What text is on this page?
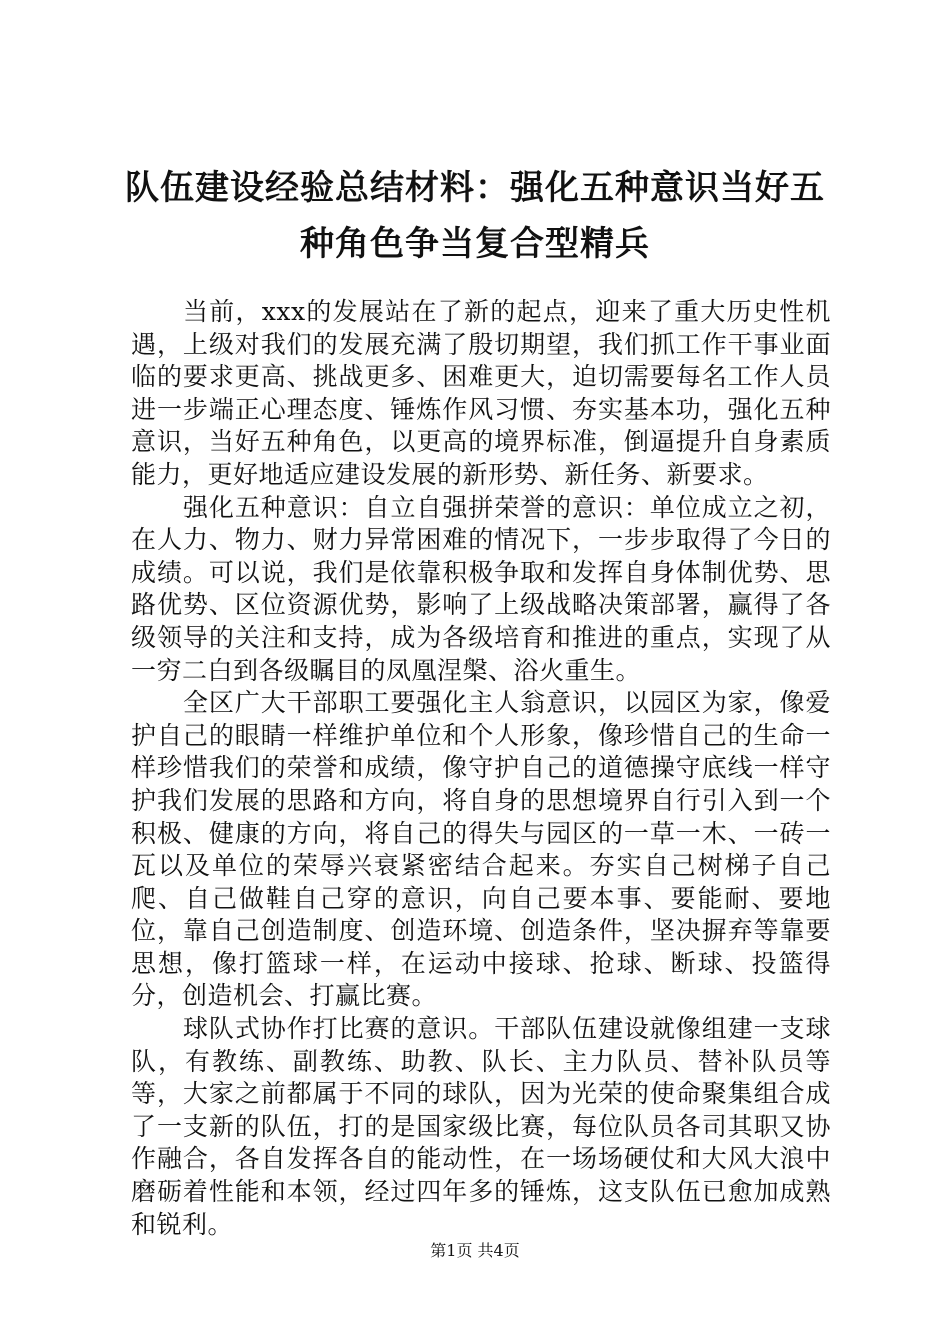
队伍建设经验总结材料：强化五种意识当好五种角色争当复合型精兵

当前，xxx的发展站在了新的起点，迎来了重大历史性机遇，上级对我们的发展充满了殷切期望，我们抓工作干事业面临的要求更高、挑战更多、困难更大，迫切需要每名工作人员进一步端正心理态度、锤炼作风习惯、夯实基本功，强化五种意识，当好五种角色，以更高的境界标准，倒逼提升自身素质能力，更好地适应建设发展的新形势、新任务、新要求。

强化五种意识：自立自强拼荣誉的意识：单位成立之初，在人力、物力、财力异常困难的情况下，一步步取得了今日的成绩。可以说，我们是依靠积极争取和发挥自身体制优势、思路优势、区位资源优势，影响了上级战略决策部署，赢得了各级领导的关注和支持，成为各级培育和推进的重点，实现了从一穷二白到各级瞩目的凤凰涅槃、浴火重生。

全区广大干部职工要强化主人翁意识，以园区为家，像爱护自己的眼睛一样维护单位和个人形象，像珍惜自己的生命一样珍惜我们的荣誉和成绩，像守护自己的道德操守底线一样守护我们发展的思路和方向，将自身的思想境界自行引入到一个积极、健康的方向，将自己的得失与园区的一草一木、一砖一瓦以及单位的荣辱兴衰紧密结合起来。夯实自己树梯子自己爬、自己做鞋自己穿的意识，向自己要本事、要能耐、要地位，靠自己创造制度、创造环境、创造条件，坚决摒弃等靠要思想，像打篮球一样，在运动中接球、抢球、断球、投篮得分，创造机会、打赢比赛。

球队式协作打比赛的意识。干部队伍建设就像组建一支球队，有教练、副教练、助教、队长、主力队员、替补队员等等，大家之前都属于不同的球队，因为光荣的使命聚集组合成了一支新的队伍，打的是国家级比赛，每位队员各司其职又协作融合，各自发挥各自的能动性，在一场场硬仗和大风大浪中磨砺着性能和本领，经过四年多的锤炼，这支队伍已愈加成熟和锐利。

第1页 共4页
